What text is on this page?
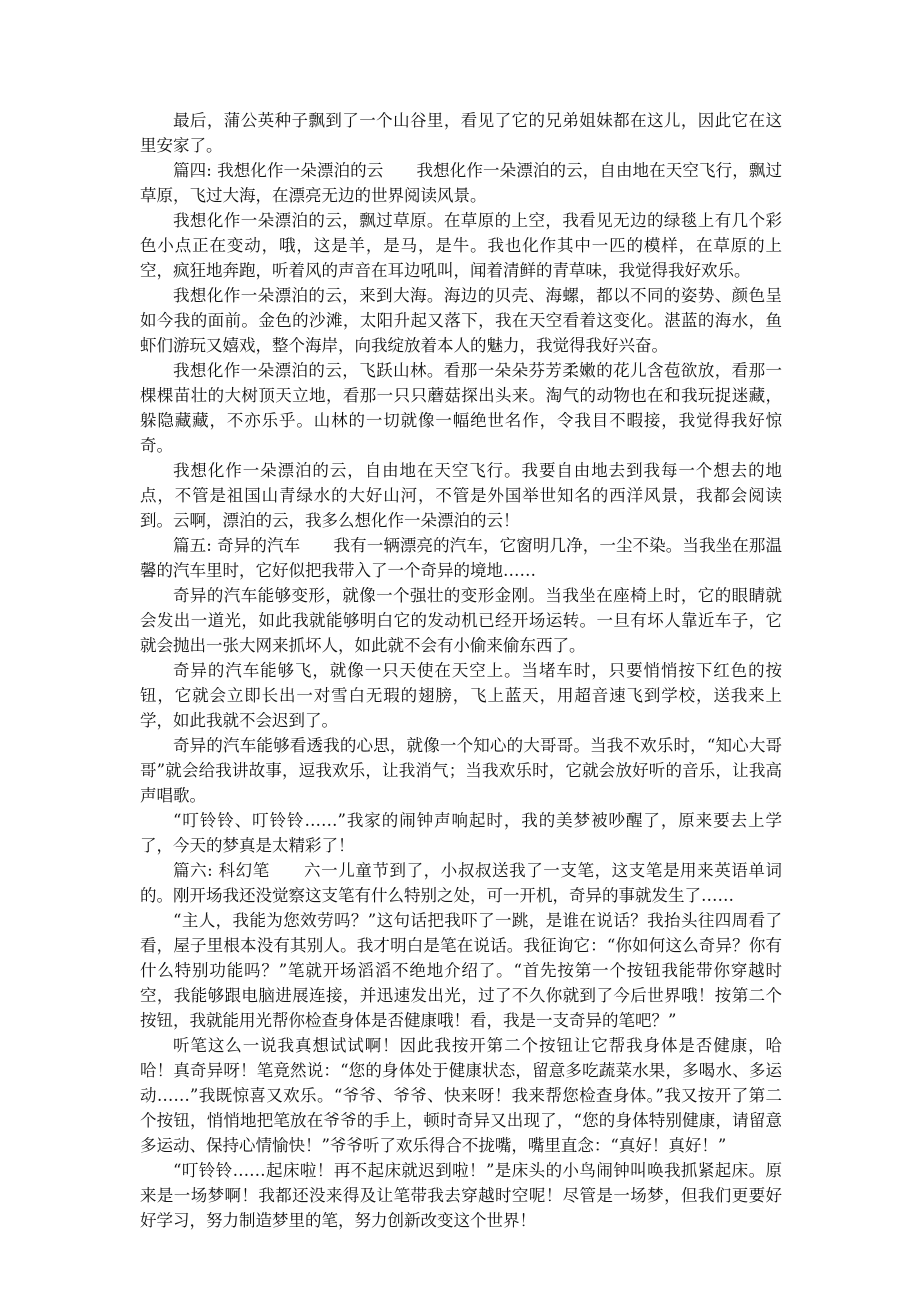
最后，蒲公英种子飘到了一个山谷里，看见了它的兄弟姐妹都在这儿，因此它在这里安家了。

篇四: 我想化作一朵漂泊的云　　我想化作一朵漂泊的云，自由地在天空飞行，飘过草原，飞过大海，在漂亮无边的世界阅读风景。

我想化作一朵漂泊的云，飘过草原。在草原的上空，我看见无边的绿毯上有几个彩色小点正在变动，哦，这是羊，是马，是牛。我也化作其中一匹的模样，在草原的上空，疯狂地奔跑，听着风的声音在耳边吼叫，闻着清鲜的青草味，我觉得我好欢乐。

我想化作一朵漂泊的云，来到大海。海边的贝壳、海螺，都以不同的姿势、颜色呈如今我的面前。金色的沙滩，太阳升起又落下，我在天空看着这变化。湛蓝的海水，鱼虾们游玩又嬉戏，整个海岸，向我绽放着本人的魅力，我觉得我好兴奋。

我想化作一朵漂泊的云，飞跃山林。看那一朵朵芬芳柔嫩的花儿含苞欲放，看那一棵棵苗壮的大树顶天立地，看那一只只蘑菇探出头来。淘气的动物也在和我玩捉迷藏，躲隐藏藏，不亦乐乎。山林的一切就像一幅绝世名作，令我目不暇接，我觉得我好惊奇。

我想化作一朵漂泊的云，自由地在天空飞行。我要自由地去到我每一个想去的地点，不管是祖国山青绿水的大好山河，不管是外国举世知名的西洋风景，我都会阅读到。云啊，漂泊的云，我多么想化作一朵漂泊的云！

篇五: 奇异的汽车　　我有一辆漂亮的汽车，它窗明几净，一尘不染。当我坐在那温馨的汽车里时，它好似把我带入了一个奇异的境地……

奇异的汽车能够变形，就像一个强壮的变形金刚。当我坐在座椅上时，它的眼睛就会发出一道光，如此我就能够明白它的发动机已经开场运转。一旦有坏人靠近车子，它就会抛出一张大网来抓坏人，如此就不会有小偷来偷东西了。

奇异的汽车能够飞，就像一只天使在天空上。当堵车时，只要悄悄按下红色的按钮，它就会立即长出一对雪白无瑕的翅膀，飞上蓝天，用超音速飞到学校，送我来上学，如此我就不会迟到了。

奇异的汽车能够看透我的心思，就像一个知心的大哥哥。当我不欢乐时，“知心大哥哥”就会给我讲故事，逗我欢乐，让我消气；当我欢乐时，它就会放好听的音乐，让我高声唱歌。

“叮铃铃、叮铃铃……”我家的闹钟声响起时，我的美梦被吵醒了，原来要去上学了，今天的梦真是太精彩了！

篇六: 科幻笔　　六一儿童节到了，小叔叔送我了一支笔，这支笔是用来英语单词的。刚开场我还没觉察这支笔有什么特别之处，可一开机，奇异的事就发生了……

“主人，我能为您效劳吗？”这句话把我吓了一跳，是谁在说话？我抬头往四周看了看，屋子里根本没有其别人。我才明白是笔在说话。我征询它：“你如何这么奇异？你有什么特别功能吗？”笔就开场滔滔不绝地介绍了。“首先按第一个按钮我能带你穿越时空，我能够跟电脑进展连接，并迅速发出光，过了不久你就到了今后世界哦！按第二个按钮，我就能用光帮你检查身体是否健康哦！看，我是一支奇异的笔吧？”

听笔这么一说我真想试试啊！因此我按开第二个按钮让它帮我身体是否健康，哈哈！真奇异呀！笔竟然说：“您的身体处于健康状态，留意多吃蔬菜水果，多喝水、多运动……”我既惊喜又欢乐。“爷爷、爷爷、快来呀！我来帮您检查身体。”我又按开了第二个按钮，悄悄地把笔放在爷爷的手上，顿时奇异又出现了，“您的身体特别健康，请留意多运动、保持心情愉快！”爷爷听了欢乐得合不拢嘴，嘴里直念：“真好！真好！”

“叮铃铃……起床啦！再不起床就迟到啦！”是床头的小鸟闹钟叫唤我抓紧起床。原来是一场梦啊！我都还没来得及让笔带我去穿越时空呢！尽管是一场梦，但我们更要好好学习，努力制造梦里的笔，努力创新改变这个世界！
